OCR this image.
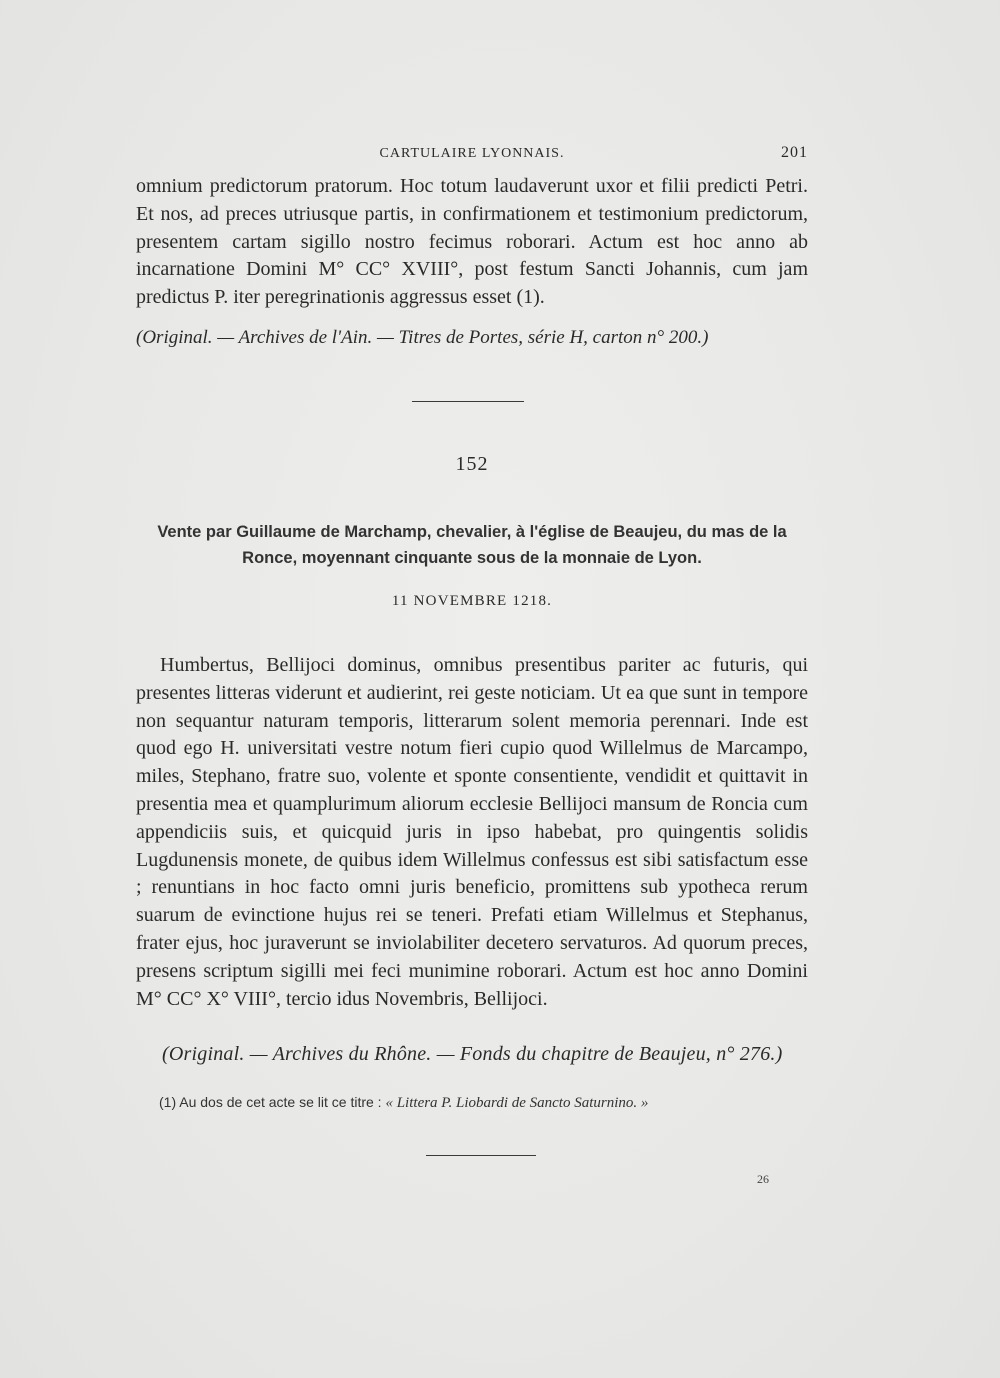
CARTULAIRE LYONNAIS.	201

omnium predictorum pratorum. Hoc totum laudaverunt uxor et filii predicti Petri. Et nos, ad preces utriusque partis, in confirmationem et testimonium predictorum, presentem cartam sigillo nostro fecimus roborari. Actum est hoc anno ab incarnatione Domini M° CC° XVIII°, post festum Sancti Johannis, cum jam predictus P. iter peregrinationis aggressus esset (1).

(Original. — Archives de l'Ain. — Titres de Portes, série H, carton n° 200.)
152
Vente par Guillaume de Marchamp, chevalier, à l'église de Beaujeu, du mas de la Ronce, moyennant cinquante sous de la monnaie de Lyon.
11 NOVEMBRE 1218.

Humbertus, Bellijoci dominus, omnibus presentibus pariter ac futuris, qui presentes litteras viderunt et audierint, rei geste noticiam. Ut ea que sunt in tempore non sequantur naturam temporis, litterarum solent memoria perennari. Inde est quod ego H. universitati vestre notum fieri cupio quod Willelmus de Marcampo, miles, Stephano, fratre suo, volente et sponte consentiente, vendidit et quittavit in presentia mea et quamplurimum aliorum ecclesie Bellijoci mansum de Roncia cum appendiciis suis, et quicquid juris in ipso habebat, pro quingentis solidis Lugdunensis monete, de quibus idem Willelmus confessus est sibi satisfactum esse ; renuntians in hoc facto omni juris beneficio, promittens sub ypotheca rerum suarum de evinctione hujus rei se teneri. Prefati etiam Willelmus et Stephanus, frater ejus, hoc juraverunt se inviolabiliter decetero servaturos. Ad quorum preces, presens scriptum sigilli mei feci munimine roborari. Actum est hoc anno Domini M° CC° X° VIII°, tercio idus Novembris, Bellijoci.

(Original. — Archives du Rhône. — Fonds du chapitre de Beaujeu, n° 276.)
(1) Au dos de cet acte se lit ce titre : « Littera P. Liobardi de Sancto Saturnino. »
26
